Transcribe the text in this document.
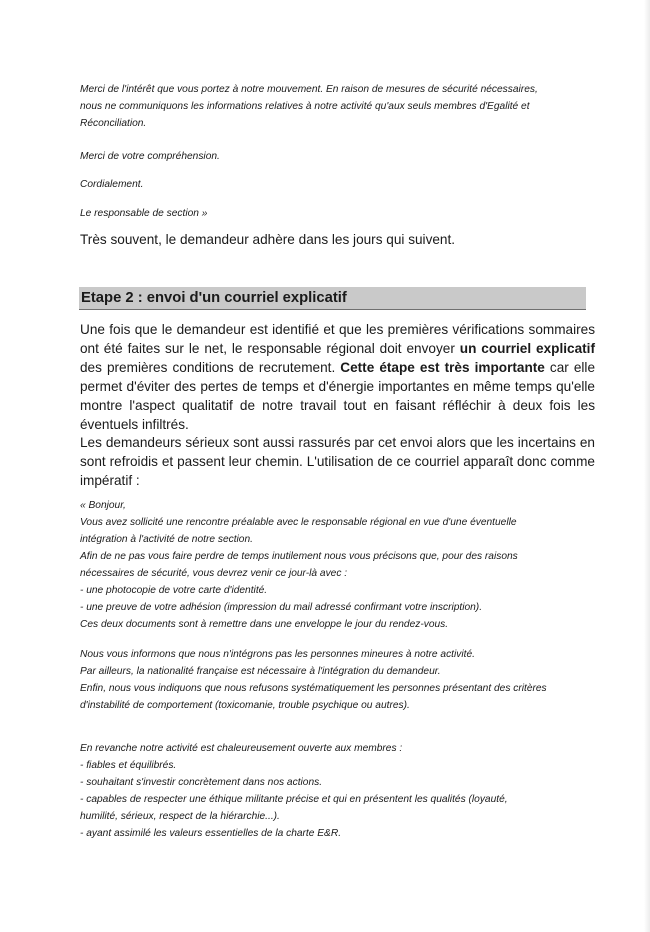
Merci de l'intérêt que vous portez à notre mouvement. En raison de mesures de sécurité nécessaires,
nous ne communiquons les informations relatives à notre activité qu'aux seuls membres d'Egalité et
Réconciliation.

Merci de votre compréhension.

Cordialement.

Le responsable de section »

Très souvent, le demandeur adhère dans les jours qui suivent.

Etape 2 : envoi d'un courriel explicatif

Une fois que le demandeur est identifié et que les premières vérifications sommaires ont été faites sur le net, le responsable régional doit envoyer un courriel explicatif des premières conditions de recrutement. Cette étape est très importante car elle permet d'éviter des pertes de temps et d'énergie importantes en même temps qu'elle montre l'aspect qualitatif de notre travail tout en faisant réfléchir à deux fois les éventuels infiltrés.

Les demandeurs sérieux sont aussi rassurés par cet envoi alors que les incertains en sont refroidis et passent leur chemin. L'utilisation de ce courriel apparaît donc comme impératif :

« Bonjour,
Vous avez sollicité une rencontre préalable avec le responsable régional en vue d'une éventuelle
intégration à l'activité de notre section.
Afin de ne pas vous faire perdre de temps inutilement nous vous précisons que, pour des raisons
nécessaires de sécurité, vous devrez venir ce jour-là avec :
- une photocopie de votre carte d'identité.
- une preuve de votre adhésion (impression du mail adressé confirmant votre inscription).
Ces deux documents sont à remettre dans une enveloppe le jour du rendez-vous.

Nous vous informons que nous n'intégrons pas les personnes mineures à notre activité.
Par ailleurs, la nationalité française est nécessaire à l'intégration du demandeur.
Enfin, nous vous indiquons que nous refusons systématiquement les personnes présentant des critères
d'instabilité de comportement (toxicomanie, trouble psychique ou autres).

En revanche notre activité est chaleureusement ouverte aux membres :
- fiables et équilibrés.
- souhaitant s'investir concrètement dans nos actions.
- capables de respecter une éthique militante précise et qui en présentent les qualités (loyauté,
humilité, sérieux, respect de la hiérarchie...).
- ayant assimilé les valeurs essentielles de la charte E&R.
